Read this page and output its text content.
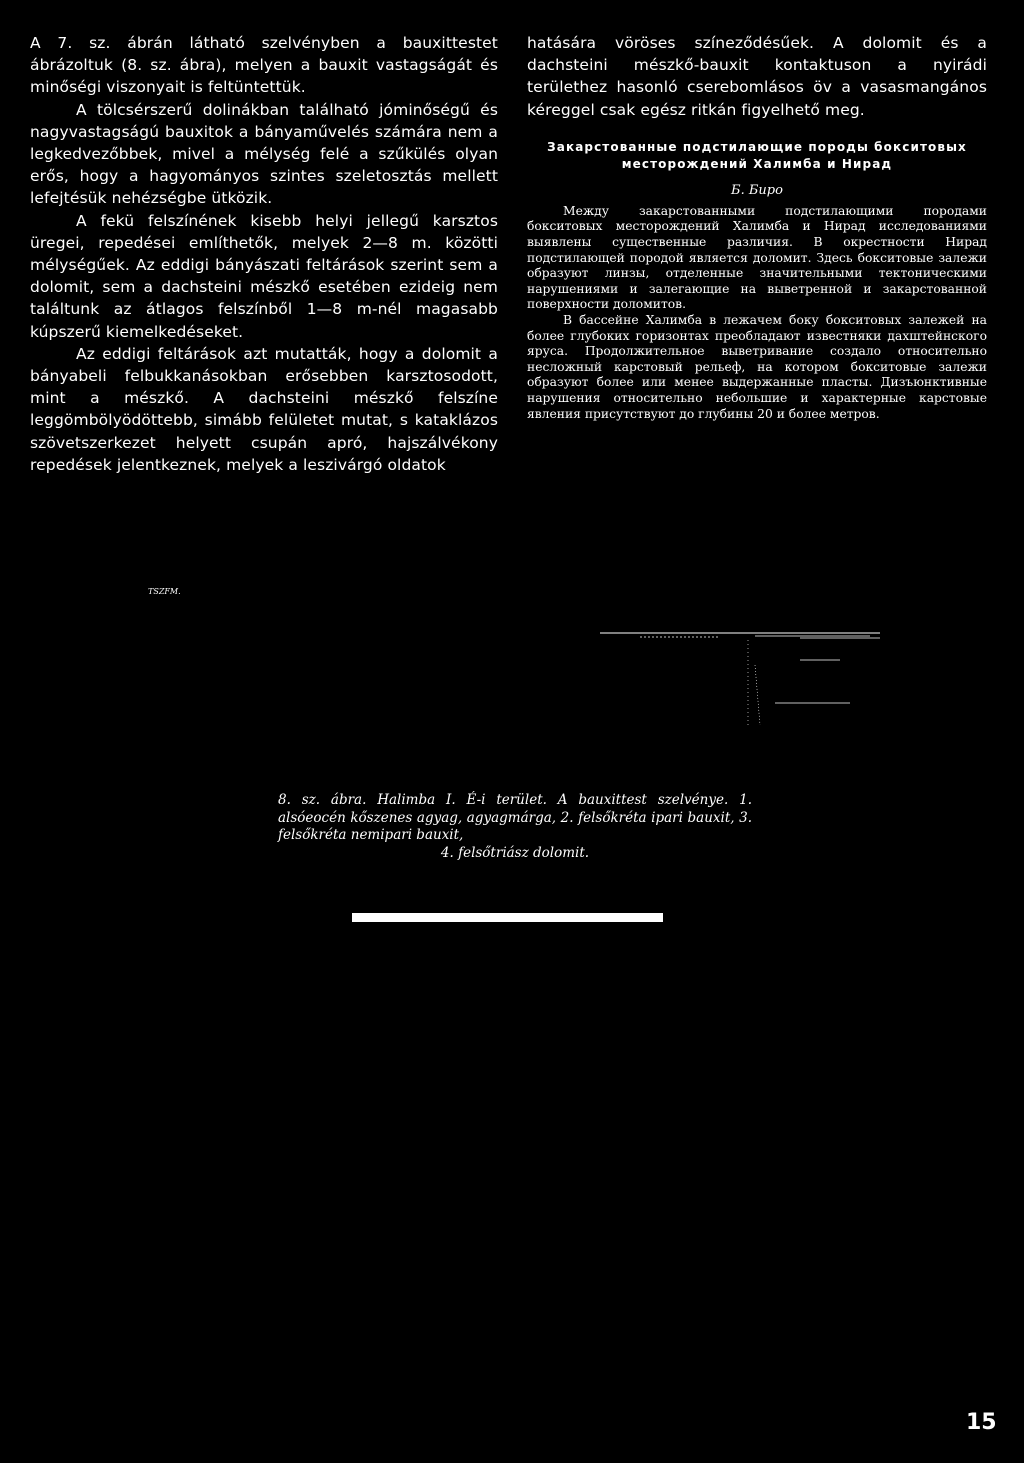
A 7. sz. ábrán látható szelvényben a bauxittestet ábrázoltuk (8. sz. ábra), melyen a bauxit vastagságát és minőségi viszonyait is feltüntettük.

A tölcsérszerű dolinákban található jóminőségű és nagyvastagságú bauxitok a bányaművelés számára nem a legkedvezőbbek, mivel a mélység felé a szűkülés olyan erős, hogy a hagyományos szintes szeletosztás mellett lefejtésük nehézségbe ütközik.

A fekü felszínének kisebb helyi jellegű karsztos üregei, repedései említhetők, melyek 2—8 m. közötti mélységűek. Az eddigi bányászati feltárások szerint sem a dolomit, sem a dachsteini mészkő esetében ezideig nem találtunk az átlagos felszínből 1—8 m-nél magasabb kúpszerű kiemelkedéseket.

Az eddigi feltárások azt mutatták, hogy a dolomit a bányabeli felbukkanásokban erősebben karsztosodott, mint a mészkő. A dachsteini mészkő felszíne leggömbölyödöttebb, simább felületet mutat, s kataklázos szövetszerkezet helyett csupán apró, hajszálvékony repedések jelentkeznek, melyek a leszivárgó oldatok

hatására vöröses színeződésűek. A dolomit és a dachsteini mészkő-bauxit kontaktuson a nyirádi területhez hasonló cserebomlásos öv a vasasmangános kéreggel csak egész ritkán figyelhető meg.

Закарстованные подстилающие породы бокситовых месторождений Халимба и Нирад

Б. Биро

Между закарстованными подстилающими породами бокситовых месторождений Халимба и Нирад исследованиями выявлены существенные различия. В окрестности Нирад подстилающей породой является доломит. Здесь бокситовые залежи образуют линзы, отделенные значительными тектоническими нарушениями и залегающие на выветренной и закарстованной поверхности доломитов.

В бассейне Халимба в лежачем боку бокситовых залежей на более глубоких горизонтах преобладают известняки дахштейнского яруса. Продолжительное выветривание создало относительно несложный карстовый рельеф, на котором бокситовые залежи образуют более или менее выдержанные пласты. Дизъюнктивные нарушения относительно небольшие и характерные карстовые явления присутствуют до глубины 20 и более метров.

TSZFM.

8. sz. ábra. Halimba I. É-i terület. A bauxittest szelvénye. 1. alsóeocén kőszenes agyag, agyagmárga, 2. felsőkréta ipari bauxit, 3. felsőkréta nemipari bauxit,
4. felsőtriász dolomit.

15
